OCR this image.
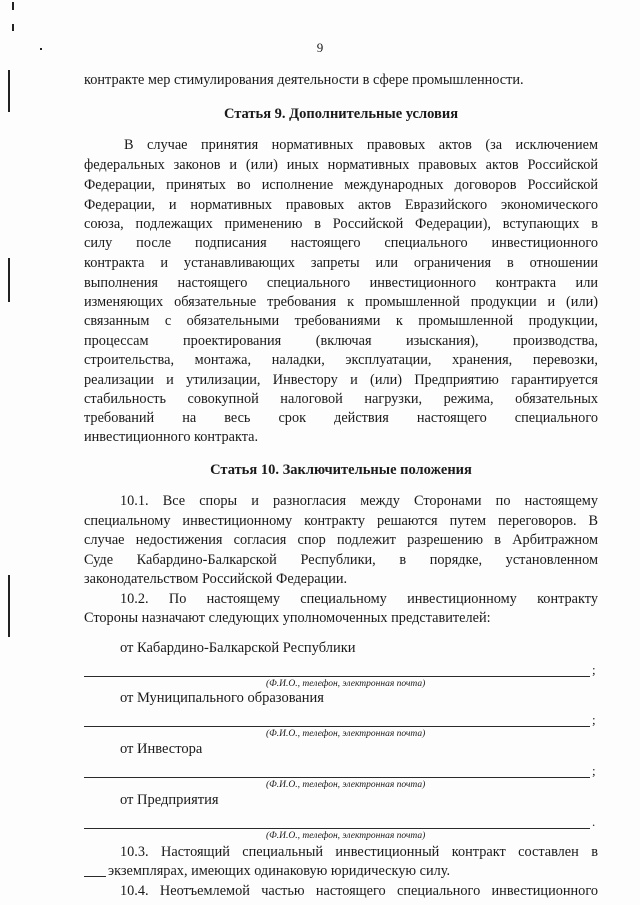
9
контракте мер стимулирования деятельности в сфере промышленности.
Статья 9. Дополнительные условия
В случае принятия нормативных правовых актов (за исключением
федеральных законов и (или) иных нормативных правовых актов Российской
Федерации, принятых во исполнение международных договоров Российской
Федерации, и нормативных правовых актов Евразийского экономического
союза, подлежащих применению в Российской Федерации), вступающих в
силу после подписания настоящего специального инвестиционного
контракта и устанавливающих запреты или ограничения в отношении
выполнения настоящего специального инвестиционного контракта или
изменяющих обязательные требования к промышленной продукции и (или)
связанным с обязательными требованиями к промышленной продукции,
процессам проектирования (включая изыскания), производства,
строительства, монтажа, наладки, эксплуатации, хранения, перевозки,
реализации и утилизации, Инвестору и (или) Предприятию гарантируется
стабильность совокупной налоговой нагрузки, режима, обязательных
требований на весь срок действия настоящего специального
инвестиционного контракта.
Статья 10. Заключительные положения
10.1. Все споры и разногласия между Сторонами по настоящему
специальному инвестиционному контракту решаются путем переговоров. В
случае недостижения согласия спор подлежит разрешению в Арбитражном
Суде Кабардино-Балкарской Республики, в порядке, установленном
законодательством Российской Федерации.
10.2. По настоящему специальному инвестиционному контракту
Стороны назначают следующих уполномоченных представителей:
от Кабардино-Балкарской Республики
;
(Ф.И.О., телефон, электронная почта)
от Муниципального образования
;
(Ф.И.О., телефон, электронная почта)
от Инвестора
;
(Ф.И.О., телефон, электронная почта)
от Предприятия
.
(Ф.И.О., телефон, электронная почта)
10.3. Настоящий специальный инвестиционный контракт составлен в
экземплярах, имеющих одинаковую юридическую силу.
10.4. Неотъемлемой частью настоящего специального инвестиционного
